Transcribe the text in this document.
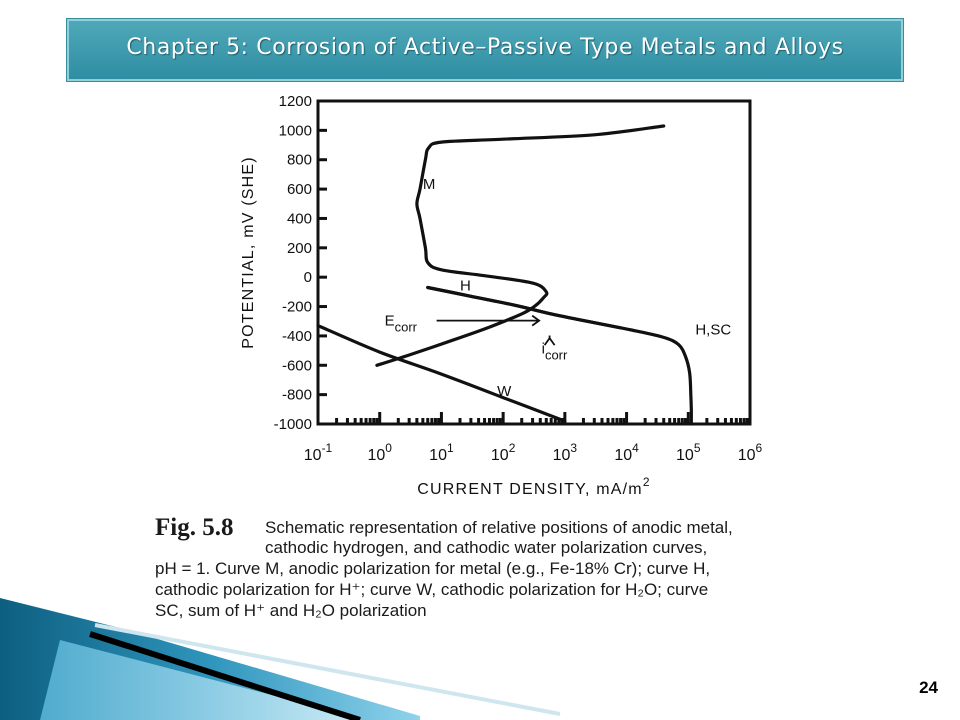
Chapter 5: Corrosion of Active–Passive Type Metals and Alloys
1200
1000
800
600
400
200
0
-200
-400
-600
-800
-1000
$10^{-1}$ $10^0$ $10^1$ $10^2$ $10^3$ $10^4$ $10^5$ $10^6$
CURRENT DENSITY, $mA/m^2$
POTENTIAL, mV (SHE)	M
H
H,SC
W
Ecorr
icorr
Fig. 5.8 Schematic representation of relative positions of anodic metal,
cathodic hydrogen, and cathodic water polarization curves,
pH = 1. Curve M, anodic polarization for metal (e.g., Fe-18% Cr); curve H,
cathodic polarization for H⁺; curve W, cathodic polarization for H₂O; curve
SC, sum of H⁺ and H₂O polarization
24
